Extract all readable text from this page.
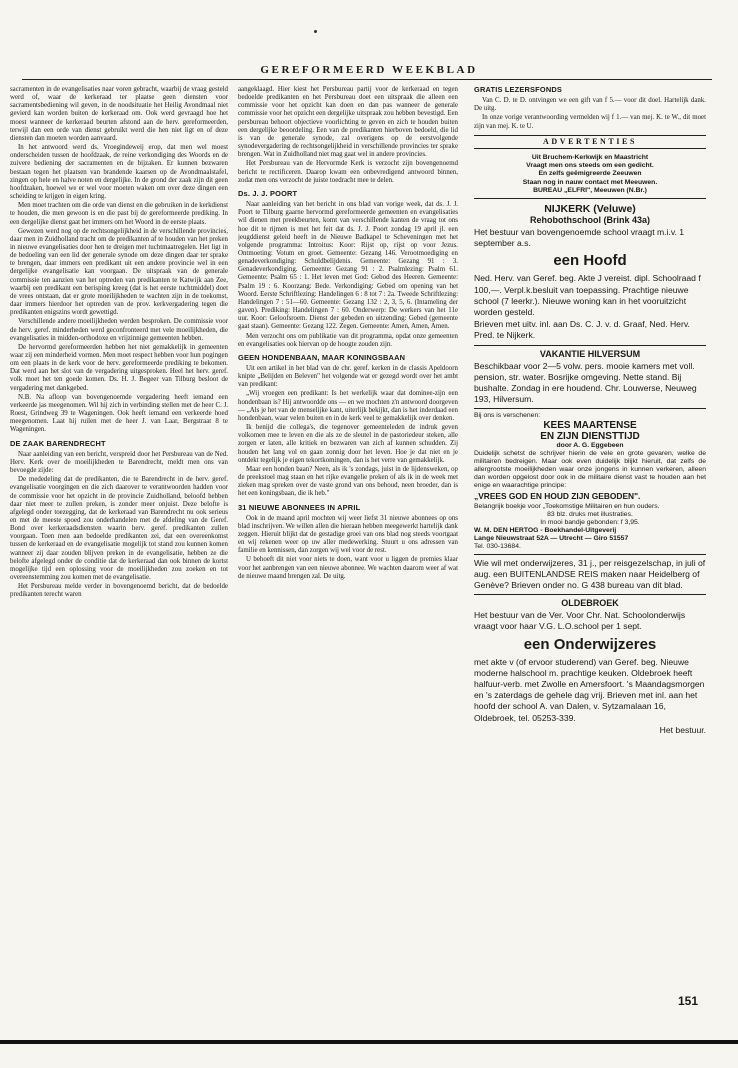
GEREFORMEERD WEEKBLAD

sacramenten in de evangelisaties naar voren gebracht, waarbij de vraag gesteld werd of, waar de kerkeraad ter plaatse geen diensten voor sacramentsbediening wil geven, in de noodsituatie het Heilig Avondmaal niet gevierd kan worden buiten de kerkeraad om. Ook werd gevraagd hoe het moest wanneer de kerkeraad beurten afstond aan de herv. gereformeerden, terwijl dan een orde van dienst gebruikt werd die hen niet ligt en of deze diensten dan moeten worden aanvaard.

In het antwoord werd ds. Vroegindeweij erop, dat men wel moest onderscheiden tussen de hoofdzaak, de reine verkondiging des Woords en de zuivere bediening der sacramenten en de bijzaken. Er kunnen bezwaren bestaan tegen het plaatsen van brandende kaarsen op de Avondmaalstafel, zingen op hele en halve noten en dergelijke. In de grond der zaak zijn dit geen hoofdzaken, hoewel we er wel voor moeten waken om over deze dingen een scheiding te krijgen in eigen kring.

Men moet trachten om die orde van dienst en die gebruiken in de kerkdienst te houden, die men gewoon is en die past bij de gereformeerde prediking. In een dergelijke dienst gaat het immers om het Woord in de eerste plaats.

Gewezen werd nog op de rechtsongelijkheid in de verschillende provincies, daar men in Zuidholland tracht om de predikanten af te houden van het preken in nieuwe evangelisaties door hen te dreigen met tuchtmaatregelen. Het ligt in de bedoeling van een lid der generale synode om deze dingen daar ter sprake te brengen, daar immers een predikant uit een andere provincie wel in een dergelijke evangelisatie kan voorgaan. De uitspraak van de generale commissie ten aanzien van het optreden van predikanten te Katwijk aan Zee, waarbij een predikant een berisping kreeg (dat is het eerste tuchtmiddel) doet de vrees ontstaan, dat er grote moeilijkheden te wachten zijn in de toekomst, daar immers hierdoor het optreden van de prov. kerkvergadering tegen die predikanten enigszins wordt gewettigd.

Verschillende andere moeilijkheden werden besproken. De commissie voor de herv. geref. minderheden werd geconfronteerd met vele moeilijkheden, die evangelisaties in midden-orthodoxe en vrijzinnige gemeenten hebben.

De hervormd gereformeerden hebben het niet gemakkelijk in gemeenten waar zij een minderheid vormen. Men moet respect hebben voor hun pogingen om een plaats in de kerk voor de herv. gereformeerde prediking te bekomen. Dat werd aan het slot van de vergadering uitgesproken. Heel het herv. geref. volk moet het ten goede komen. Ds. H. J. Begeer van Tilburg besloot de vergadering met dankgebed.

N.B. Na afloop van bovengenoemde vergadering heeft iemand een verkeerde jas meegenomen. Wil hij zich in verbinding stellen met de heer C. J. Roest, Grindweg 39 te Wageningen. Ook heeft iemand een verkeerde hoed meegenomen. Laat hij ruilen met de heer J. van Laar, Bergstraat 8 te Wageningen.

DE ZAAK BARENDRECHT

Naar aanleiding van een bericht, verspreid door het Persbureau van de Ned. Herv. Kerk over de moeilijkheden te Barendrecht, meldt men ons van bevoegde zijde:

De mededeling dat de predikanten, die te Barendrecht in de herv. geref. evangelisatie voorgingen en die zich daarover te verantwoorden hadden voor de commissie voor het opzicht in de provincie Zuidholland, beloofd hebben daar niet meer te zullen preken, is zonder meer onjuist. Deze belofte is afgelegd onder toezegging, dat de kerkeraad van Barendrecht nu ook serieus en met de meeste spoed zou onderhandelen met de afdeling van de Geref. Bond over kerkeraadsdiensten waarin herv. geref. predikanten zullen voorgaan. Toen men aan bedoelde predikanten zei, dat een overeenkomst tussen de kerkeraad en de evangelisatie mogelijk tot stand zou kunnen komen wanneer zij daar zouden blijven preken in de evangelisatie, hebben ze die belofte afgelegd onder de conditie dat de kerkeraad dan ook binnen de kortst mogelijke tijd een oplossing voor de moeilijkheden zou zoeken en tot overeenstemming zou komen met de evangelisatie.

Het Persbureau melde verder in bovengenoemd bericht, dat de bedoelde predikanten terecht waren

aangeklaagd. Hier kiest het Persbureau partij voor de kerkeraad en tegen bedoelde predikanten en het Persbureau doet een uitspraak die alleen een commissie voor het opzicht kan doen en dan pas wanneer de generale commissie voor het opzicht een dergelijke uitspraak zou hebben bevestigd. Een persbureau behoort objectieve voorlichting te geven en zich te houden buiten een dergelijke beoordeling. Een van de predikanten hierboven bedoeld, die lid is van de generale synode, zal overigens op de eerstvolgende synodevergadering de rechtsongelijkheid in verschillende provincies ter sprake brengen. Wat in Zuidholland niet mag gaat wel in andere provincies.

Het Persbureau van de Hervormde Kerk is verzocht zijn bovengenoemd bericht te rectificeren. Daarop kwam een onbevredigend antwoord binnen, zodat men ons verzocht de juiste toedracht mee te delen.

Ds. J. J. POORT

Naar aanleiding van het bericht in ons blad van vorige week, dat ds. J. J. Poort te Tilburg gaarne hervormd gereformeerde gemeenten en evangelisaties wil dienen met preekbeurten, komt van verschillende kanten de vraag tot ons hoe dit te rijmen is met het feit dat ds. J. J. Poort zondag 19 april jl. een jeugddienst geleid heeft in de Nieuwe Badkapel te Scheveningen met het volgende programma: Introitus: Koor: Rijst op, rijst op voor Jezus. Ontmoeting: Votum en groet. Gemeente: Gezang 146. Verootmoediging en genadeverkondiging: Schuldbelijdenis. Gemeente: Gezang 91 : 3. Genadeverkondiging. Gemeente: Gezang 91 : 2. Psalmlezing: Psalm 61. Gemeente: Psalm 65 : 1. Het leven met God: Gebod des Heeren. Gemeente: Psalm 19 : 6. Koorzang: Bede. Verkondiging: Gebed om opening van het Woord. Eerste Schriftlezing: Handelingen 6 : 8 tot 7 : 2a. Tweede Schriftlezing: Handelingen 7 : 51—60. Gemeente: Gezang 132 : 2, 3, 5, 6. (Intameling der gaven). Prediking: Handelingen 7 : 60. Onderwerp: De werkers van het 11e uur. Koor: Geloofsroem. Dienst der gebeden en uitzending: Gebed (gemeente gaat staan). Gemeente: Gezang 122. Zegen. Gemeente: Amen, Amen, Amen.

Men verzocht ons om publikatie van dit programma, opdat onze gemeenten en evangelisaties ook hiervan op de hoogte zouden zijn.

GEEN HONDENBAAN, MAAR KONINGSBAAN

Uit een artikel in het blad van de chr. geref. kerken in de classis Apeldoorn knipte „Belijden en Beleven" het volgende wat er gezegd wordt over het ambt van predikant:

„Wij vroegen een predikant: Is het werkelijk waar dat dominee-zijn een hondenbaan is? Hij antwoordde ons — en we mochten z'n antwoord doorgeven — „Als je het van de menselijke kant, uiterlijk bekijkt, dan is het inderdaad een hondenbaan, waar velen buiten en in de kerk veel te gemakkelijk over denken.

Ik benijd die collega's, die tegenover gemeenteleden de indruk geven volkomen mee te leven en die als ze de sleutel in de pastoriedeur steken, alle zorgen er laten, alle kritiek en bezwaren van zich af kunnen schudden. Zij houden het lang vol en gaan zonnig door het leven. Hoe je dat niet en je ontdekt tegelijk je eigen tekortkomingen, dan is het verre van gemakkelijk.

Maar een honden baan? Neen, als ik 's zondags, juist in de lijdensweken, op de preekstoel mag staan en het rijke evangelie preken of als ik in de week met zieken mag spreken over de vaste grond van ons behoud, neen broeder, dan is het een koningsbaan, die ik heb."

31 NIEUWE ABONNEES IN APRIL

Ook in de maand april mochten wij weer liefst 31 nieuwe abonnees op ons blad inschrijven. We willen allen die hieraan hebben meegewerkt hartelijk dank zeggen. Hieruit blijkt dat de gestadige groei van ons blad nog steeds voortgaat en wij rekenen weer op uw aller medewerking. Stuurt u ons adressen van familie en kennissen, dan zorgen wij wel voor de rest.

U behoeft dit niet voor niets te doen, want voor u liggen de premies klaar voor het aanbrengen van een nieuwe abonnee. We wachten daarom weer af wat de nieuwe maand brengen zal. De uitg.

GRATIS LEZERSFONDS

Van C. D. te D. ontvingen we een gift van f 5.— voor dit doel. Hartelijk dank. De uitg.

In onze vorige verantwoording vermelden wij f 1.— van mej. K. te W., dit moet zijn van mej. K. te U.

ADVERTENTIES
Uit Bruchem-Kerkwijk en Maastricht
Vraagt men ons steeds om een gedicht.
En zelfs geëmigreerde Zeeuwen
Staan nog in nauw contact met Meeuwen.
BUREAU „ELFRI", Meeuwen (N.Br.)
NIJKERK (Veluwe)
Rehobothschool (Brink 43a)
Het bestuur van bovengenoemde school vraagt m.i.v. 1 september a.s.
een Hoofd
Ned. Herv. van Geref. beg. Akte J vereist. dipl. Schoolraad f 100,—. Verpl.k.besluit van toepassing. Prachtige nieuwe school (7 leerkr.). Nieuwe woning kan in het vooruitzicht worden gesteld.
Brieven met uitv. inl. aan Ds. C. J. v. d. Graaf, Ned. Herv. Pred. te Nijkerk.
VAKANTIE HILVERSUM
Beschikbaar voor 2—5 volw. pers. mooie kamers met voll. pension, str. water. Bosrijke omgeving. Nette stand. Bij bushalte. Zondag in ere houdend. Chr. Louwerse, Neuweg 193, Hilversum.
Bij ons is verschenen:
KEES MAARTENSE
EN ZIJN DIENSTTIJD
door A. G. Eggebeen
Duidelijk schetst de schrijver hierin de vele en grote gevaren, welke de militairen bedreigen. Maar ook even duidelijk blijkt hieruit, dat zelfs de allergrootste moeilijkheden waar onze jongens in kunnen verkeren, alleen dan worden opgelost door ook in de militaire dienst vast te houden aan het enige en waarachtige principe:
„VREES GOD EN HOUD ZIJN GEBODEN".
Belangrijk boekje voor „Toekomstige Militairen en hun ouders.
83 blz. druks met illustraties.
In mooi bandje gebonden: f 3,95.
W. M. DEN HERTOG - Boekhandel-Uitgeverij
Lange Nieuwstraat 52A — Utrecht — Giro 51557
Tel. 030-13684.
Wie wil met onderwijzeres, 31 j., per reisgezelschap, in juli of aug. een BUITENLANDSE REIS maken naar Heidelberg of Genève? Brieven onder no. G 438 bureau van dit blad.
OLDEBROEK
Het bestuur van de Ver. Voor Chr. Nat. Schoolonderwijs vraagt voor haar V.G. L.O.school per 1 sept.
een Onderwijzeres
met akte v (of ervoor studerend) van Geref. beg. Nieuwe moderne halschool m. prachtige keuken. Oldebroek heeft halfuur-verb. met Zwolle en Amersfoort. 's Maandagsmorgen en 's zaterdags de gehele dag vrij. Brieven met inl. aan het hoofd der school A. van Dalen, v. Sytzamalaan 16, Oldebroek, tel. 05253-339.
Het bestuur.
151
